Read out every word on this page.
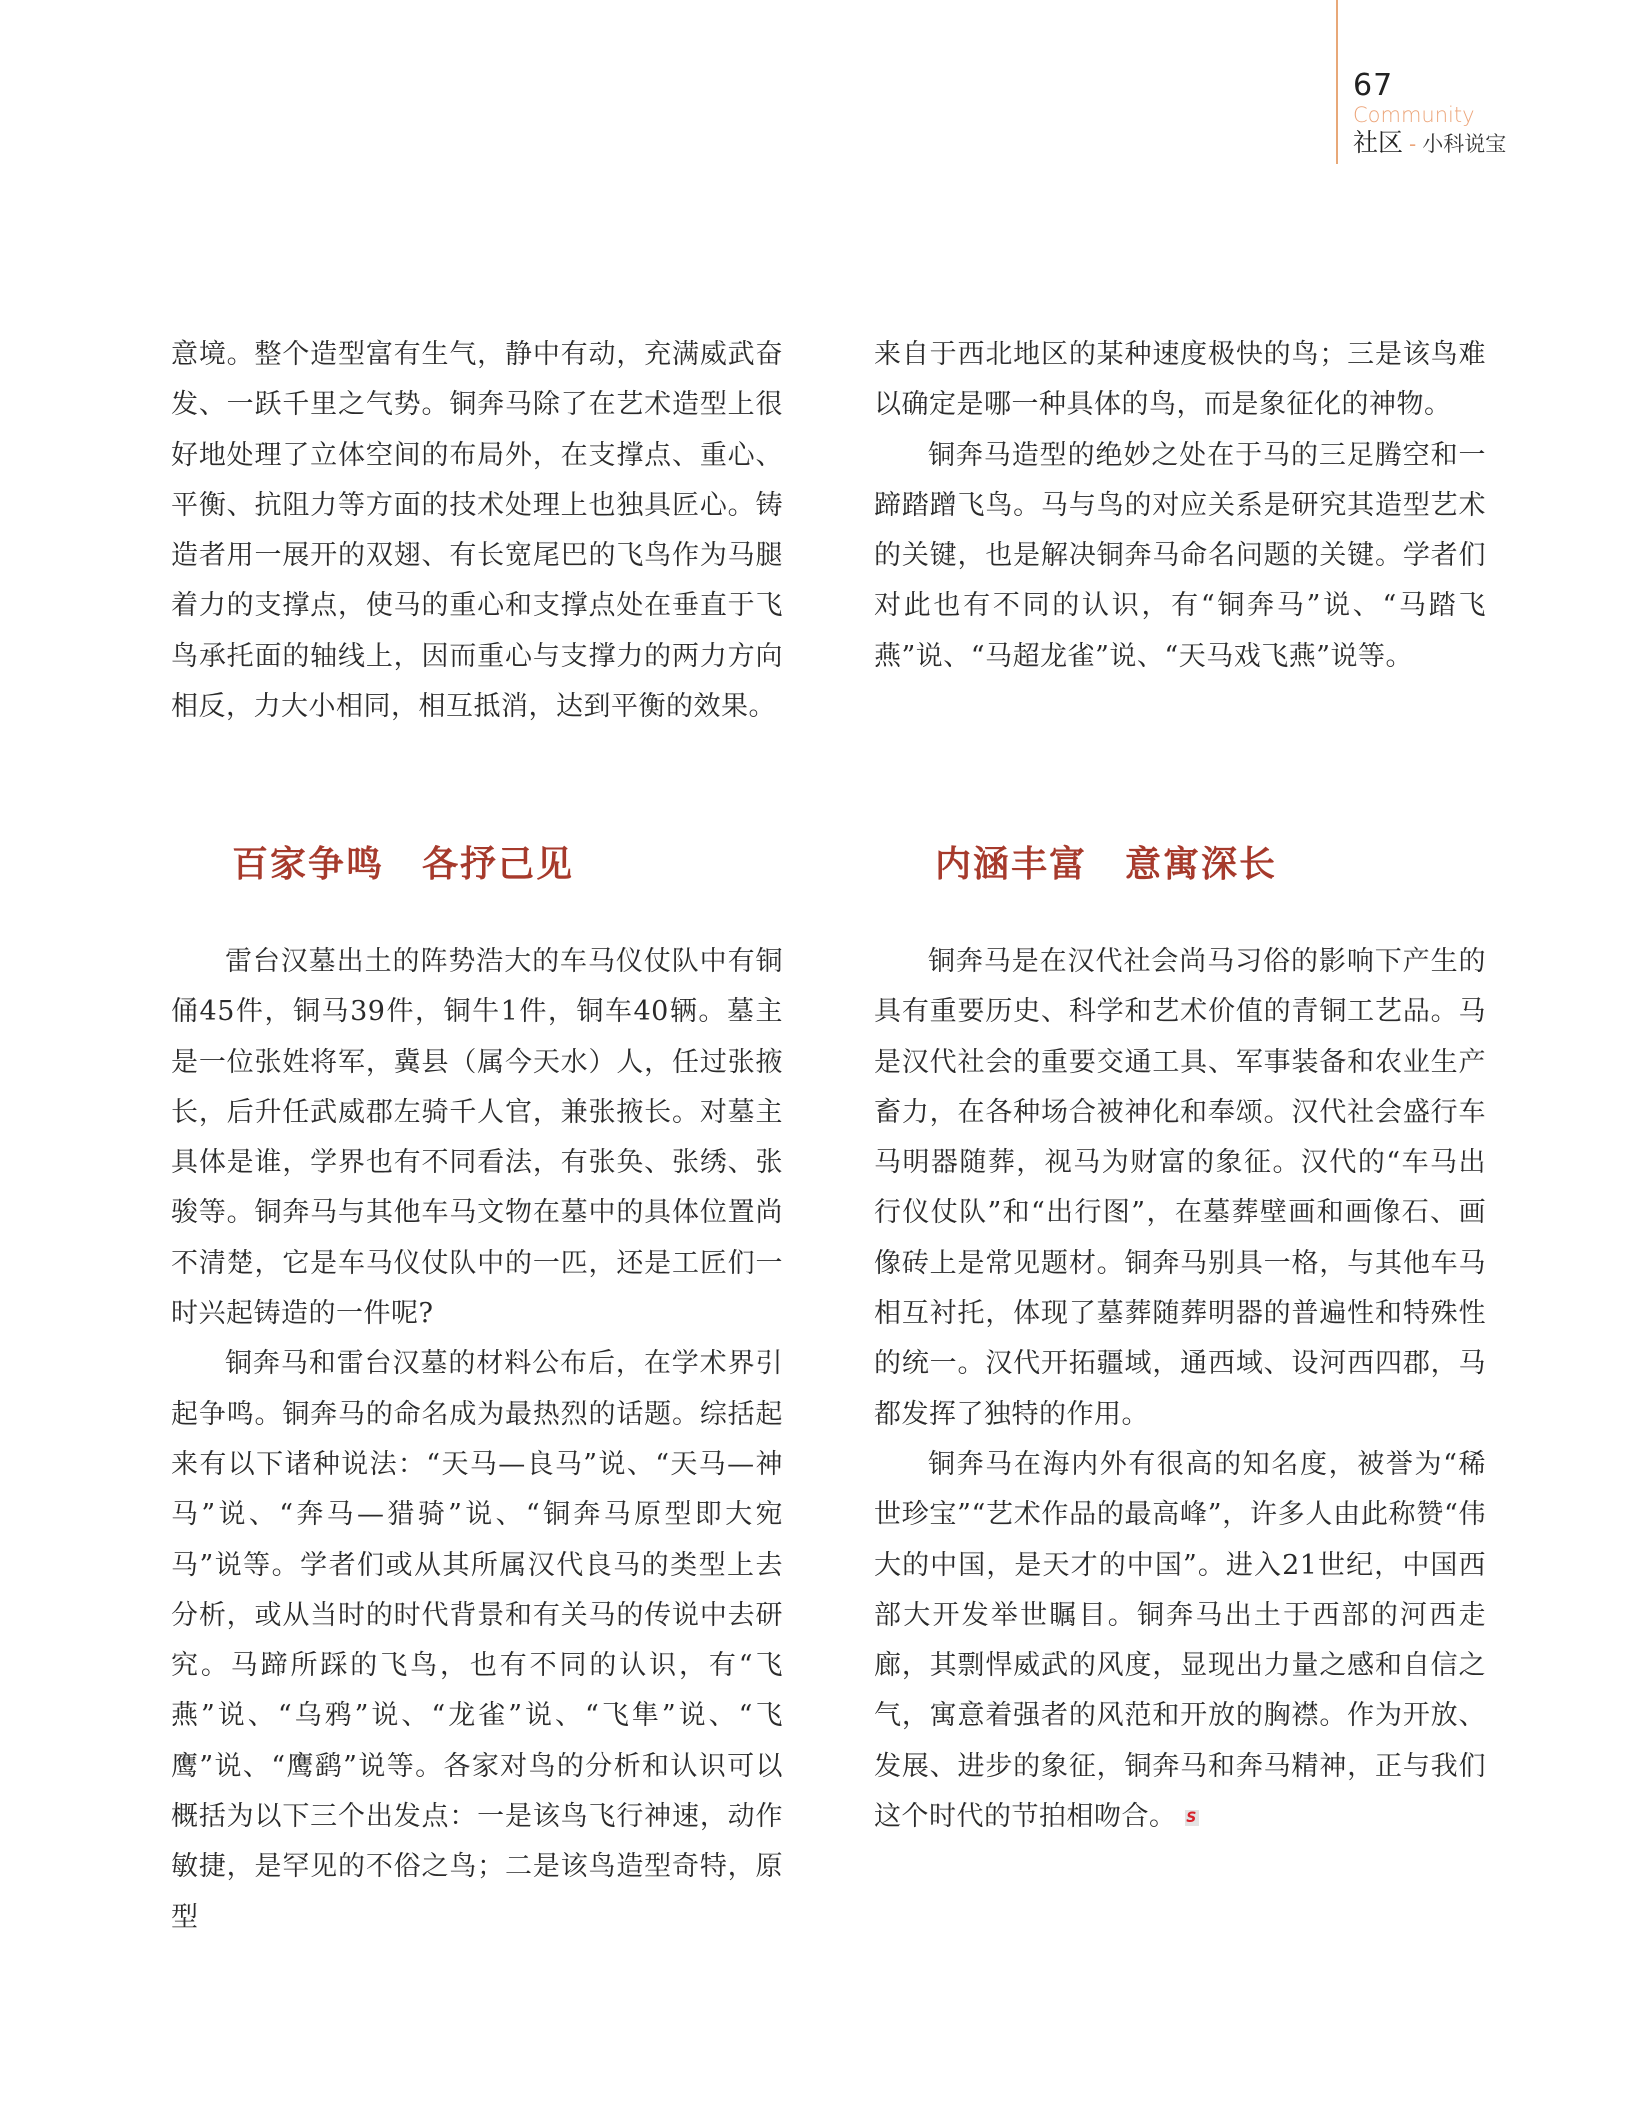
67
Community
社区 - 小科说宝

意境。整个造型富有生气，静中有动，充满威武奋发、一跃千里之气势。铜奔马除了在艺术造型上很好地处理了立体空间的布局外，在支撑点、重心、平衡、抗阻力等方面的技术处理上也独具匠心。铸造者用一展开的双翅、有长宽尾巴的飞鸟作为马腿着力的支撑点，使马的重心和支撑点处在垂直于飞鸟承托面的轴线上，因而重心与支撑力的两力方向相反，力大小相同，相互抵消，达到平衡的效果。

来自于西北地区的某种速度极快的鸟；三是该鸟难以确定是哪一种具体的鸟，而是象征化的神物。

铜奔马造型的绝妙之处在于马的三足腾空和一蹄踏蹭飞鸟。马与鸟的对应关系是研究其造型艺术的关键，也是解决铜奔马命名问题的关键。学者们对此也有不同的认识，有“铜奔马”说、“马踏飞燕”说、“马超龙雀”说、“天马戏飞燕”说等。

百家争鸣　各抒己见	内涵丰富　意寓深长

雷台汉墓出土的阵势浩大的车马仪仗队中有铜俑45件，铜马39件，铜牛1件，铜车40辆。墓主是一位张姓将军，冀县（属今天水）人，任过张掖长，后升任武威郡左骑千人官，兼张掖长。对墓主具体是谁，学界也有不同看法，有张奂、张绣、张骏等。铜奔马与其他车马文物在墓中的具体位置尚不清楚，它是车马仪仗队中的一匹，还是工匠们一时兴起铸造的一件呢?

铜奔马和雷台汉墓的材料公布后，在学术界引起争鸣。铜奔马的命名成为最热烈的话题。综括起来有以下诸种说法：“天马—良马”说、“天马—神马”说、“奔马—猎骑”说、“铜奔马原型即大宛马”说等。学者们或从其所属汉代良马的类型上去分析，或从当时的时代背景和有关马的传说中去研究。马蹄所踩的飞鸟，也有不同的认识，有“飞燕”说、“乌鸦”说、“龙雀”说、“飞隼”说、“飞鹰”说、“鹰鹞”说等。各家对鸟的分析和认识可以概括为以下三个出发点：一是该鸟飞行神速，动作敏捷，是罕见的不俗之鸟；二是该鸟造型奇特，原型

铜奔马是在汉代社会尚马习俗的影响下产生的具有重要历史、科学和艺术价值的青铜工艺品。马是汉代社会的重要交通工具、军事装备和农业生产畜力，在各种场合被神化和奉颂。汉代社会盛行车马明器随葬，视马为财富的象征。汉代的“车马出行仪仗队”和“出行图”，在墓葬壁画和画像石、画像砖上是常见题材。铜奔马别具一格，与其他车马相互衬托，体现了墓葬随葬明器的普遍性和特殊性的统一。汉代开拓疆域，通西域、设河西四郡，马都发挥了独特的作用。

铜奔马在海内外有很高的知名度，被誉为“稀世珍宝”“艺术作品的最高峰”，许多人由此称赞“伟大的中国，是天才的中国”。进入21世纪，中国西部大开发举世瞩目。铜奔马出土于西部的河西走廊，其剽悍威武的风度，显现出力量之感和自信之气，寓意着强者的风范和开放的胸襟。作为开放、发展、进步的象征，铜奔马和奔马精神，正与我们这个时代的节拍相吻合。 S
